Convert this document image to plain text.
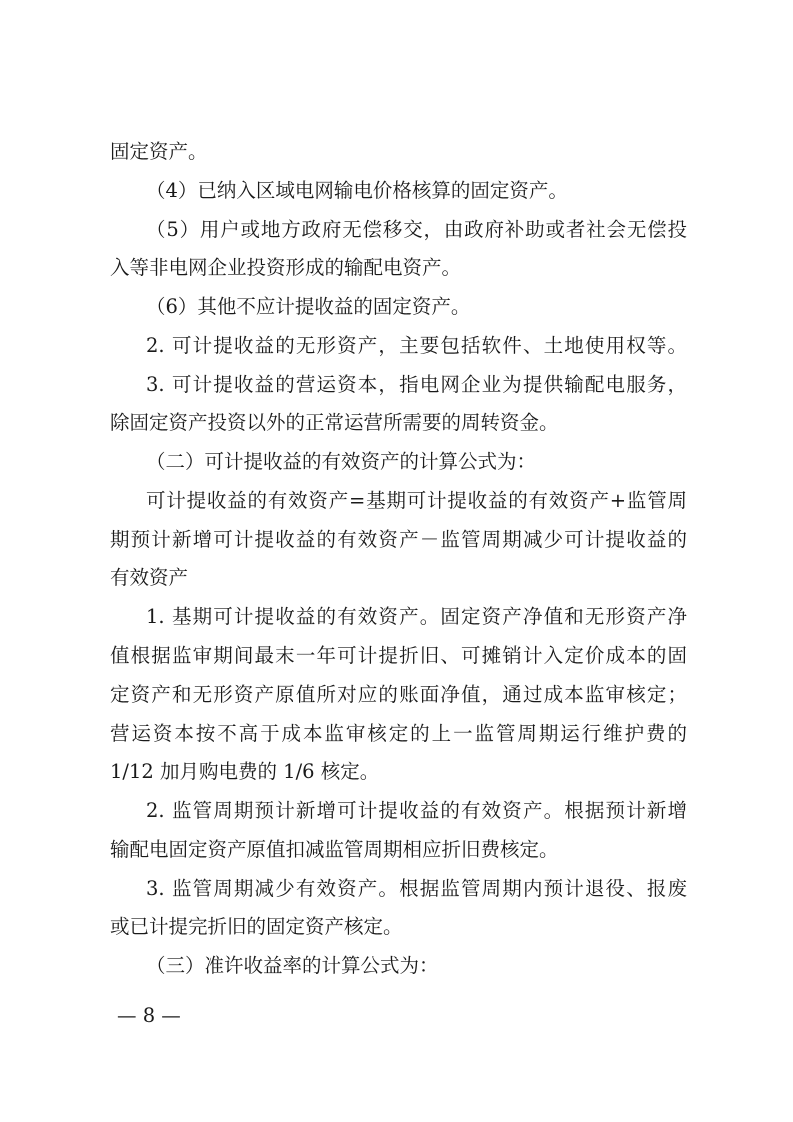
固定资产。
（4）已纳入区域电网输电价格核算的固定资产。
（5）用户或地方政府无偿移交，由政府补助或者社会无偿投
入等非电网企业投资形成的输配电资产。
（6）其他不应计提收益的固定资产。
2. 可计提收益的无形资产，主要包括软件、土地使用权等。
3. 可计提收益的营运资本，指电网企业为提供输配电服务，
除固定资产投资以外的正常运营所需要的周转资金。
（二）可计提收益的有效资产的计算公式为：
可计提收益的有效资产=基期可计提收益的有效资产+监管周
期预计新增可计提收益的有效资产－监管周期减少可计提收益的
有效资产
1. 基期可计提收益的有效资产。固定资产净值和无形资产净
值根据监审期间最末一年可计提折旧、可摊销计入定价成本的固
定资产和无形资产原值所对应的账面净值，通过成本监审核定；
营运资本按不高于成本监审核定的上一监管周期运行维护费的
1/12 加月购电费的 1/6 核定。
2. 监管周期预计新增可计提收益的有效资产。根据预计新增
输配电固定资产原值扣减监管周期相应折旧费核定。
3. 监管周期减少有效资产。根据监管周期内预计退役、报废
或已计提完折旧的固定资产核定。
（三）准许收益率的计算公式为：
— 8 —
